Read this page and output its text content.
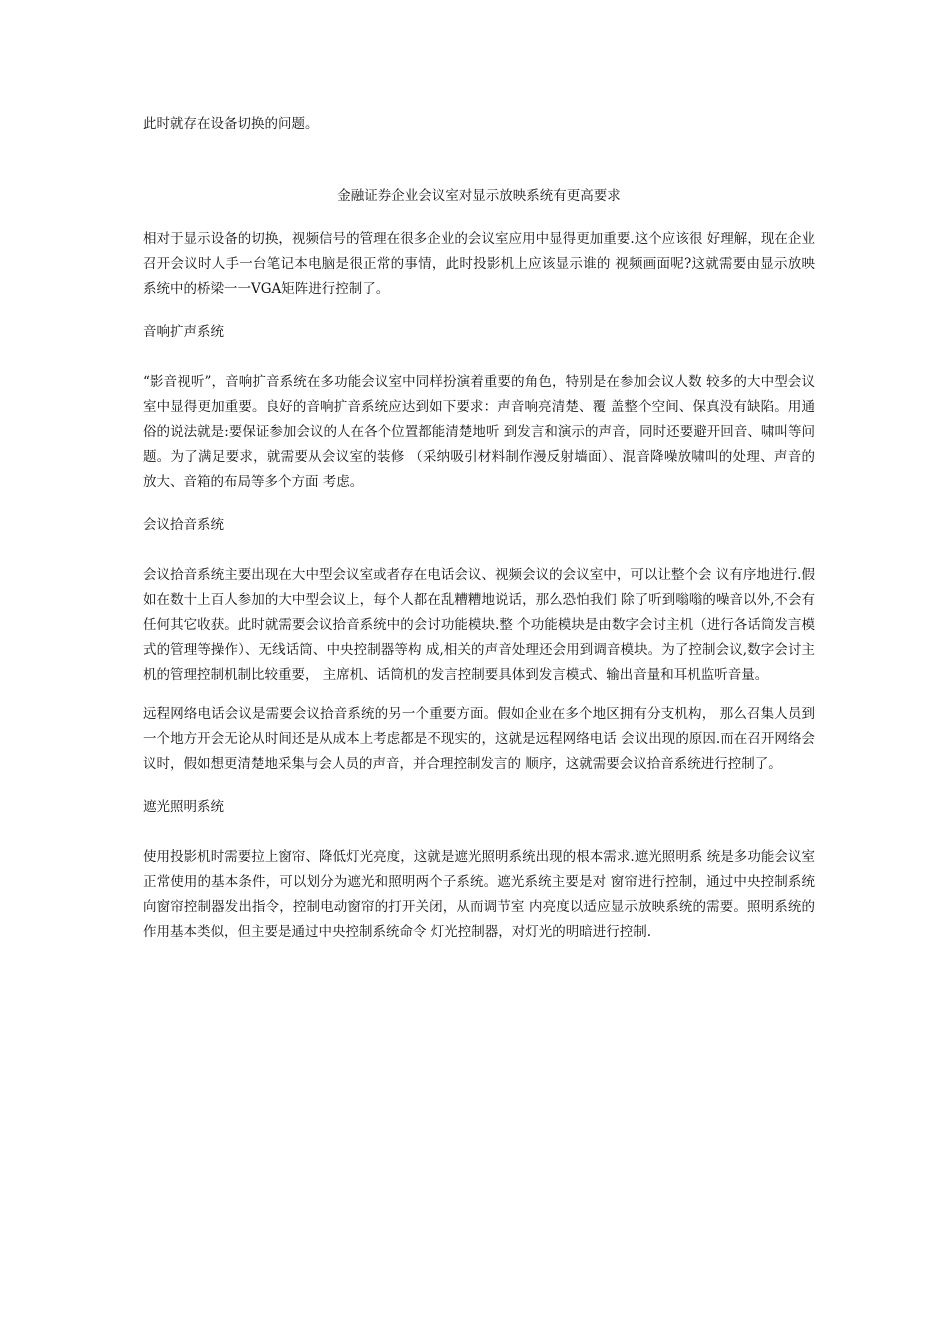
此时就存在设备切换的问题。

金融证券企业会议室对显示放映系统有更高要求

相对于显示设备的切换，视频信号的管理在很多企业的会议室应用中显得更加重要.这个应该很 好理解，现在企业召开会议时人手一台笔记本电脑是很正常的事情，此时投影机上应该显示谁的 视频画面呢?这就需要由显示放映系统中的桥梁一一VGA矩阵进行控制了。

音响扩声系统

“影音视听”，音响扩音系统在多功能会议室中同样扮演着重要的角色，特别是在参加会议人数 较多的大中型会议室中显得更加重要。良好的音响扩音系统应达到如下要求：声音响亮清楚、覆 盖整个空间、保真没有缺陷。用通俗的说法就是:要保证参加会议的人在各个位置都能清楚地听 到发言和演示的声音，同时还要避开回音、啸叫等问题。为了满足要求，就需要从会议室的装修 （采纳吸引材料制作漫反射墙面）、混音降噪放啸叫的处理、声音的放大、音箱的布局等多个方面 考虑。

会议拾音系统

会议拾音系统主要出现在大中型会议室或者存在电话会议、视频会议的会议室中，可以让整个会 议有序地进行.假如在数十上百人参加的大中型会议上，每个人都在乱糟糟地说话，那么恐怕我们 除了听到嗡嗡的噪音以外,不会有任何其它收获。此时就需要会议拾音系统中的会讨功能模块.整 个功能模块是由数字会讨主机（进行各话筒发言模式的管理等操作）、无线话筒、中央控制器等构 成,相关的声音处理还会用到调音模块。为了控制会议,数字会讨主机的管理控制机制比较重要， 主席机、话筒机的发言控制要具体到发言模式、输出音量和耳机监听音量。

远程网络电话会议是需要会议拾音系统的另一个重要方面。假如企业在多个地区拥有分支机构， 那么召集人员到一个地方开会无论从时间还是从成本上考虑都是不现实的，这就是远程网络电话 会议出现的原因.而在召开网络会议时，假如想更清楚地采集与会人员的声音，并合理控制发言的 顺序，这就需要会议拾音系统进行控制了。

遮光照明系统

使用投影机时需要拉上窗帘、降低灯光亮度，这就是遮光照明系统出现的根本需求.遮光照明系 统是多功能会议室正常使用的基本条件，可以划分为遮光和照明两个子系统。遮光系统主要是对 窗帘进行控制，通过中央控制系统向窗帘控制器发出指令，控制电动窗帘的打开关闭，从而调节室 内亮度以适应显示放映系统的需要。照明系统的作用基本类似，但主要是通过中央控制系统命令 灯光控制器，对灯光的明暗进行控制.
